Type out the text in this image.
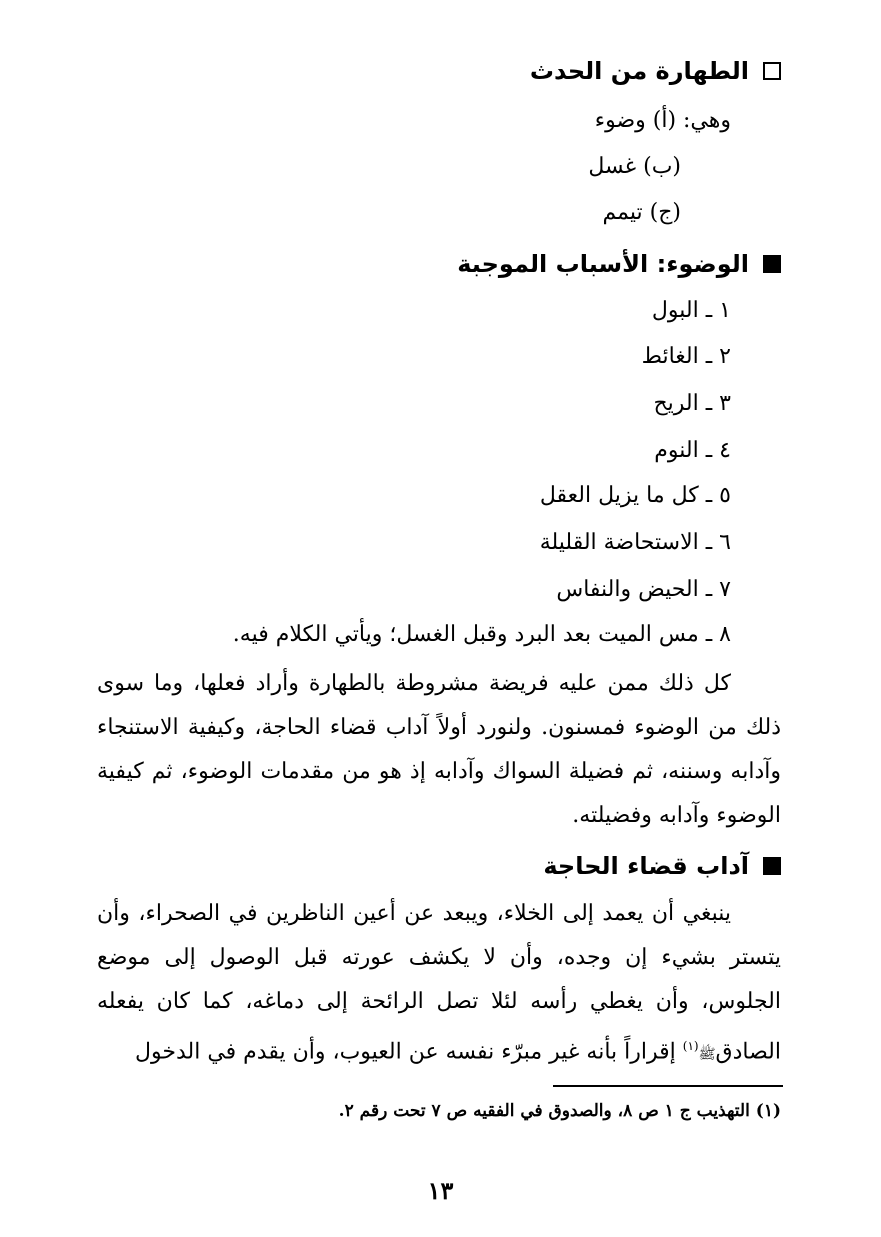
الطهارة من الحدث
وهي: (أ) وضوء
(ب) غسل
(ج) تيمم
الوضوء: الأسباب الموجبة
١ ـ البول
٢ ـ الغائط
٣ ـ الريح
٤ ـ النوم
٥ ـ كل ما يزيل العقل
٦ ـ الاستحاضة القليلة
٧ ـ الحيض والنفاس
٨ ـ مس الميت بعد البرد وقبل الغسل؛ ويأتي الكلام فيه.
كل ذلك ممن عليه فريضة مشروطة بالطهارة وأراد فعلها، وما سوى ذلك من الوضوء فمسنون. ولنورد أولاً آداب قضاء الحاجة، وكيفية الاستنجاء وآدابه وسننه، ثم فضيلة السواك وآدابه إذ هو من مقدمات الوضوء، ثم كيفية الوضوء وآدابه وفضيلته.
آداب قضاء الحاجة
ينبغي أن يعمد إلى الخلاء، ويبعد عن أعين الناظرين في الصحراء، وأن يتستر بشيء إن وجده، وأن لا يكشف عورته قبل الوصول إلى موضع الجلوس، وأن يغطي رأسه لئلا تصل الرائحة إلى دماغه، كما كان يفعله الصادقﷺ$^{(١)}$ إقراراً بأنه غير مبرّء نفسه عن العيوب، وأن يقدم في الدخول
(١) التهذيب ج ١ ص ٨، والصدوق في الفقيه ص ٧ تحت رقم ٢.
١٣
